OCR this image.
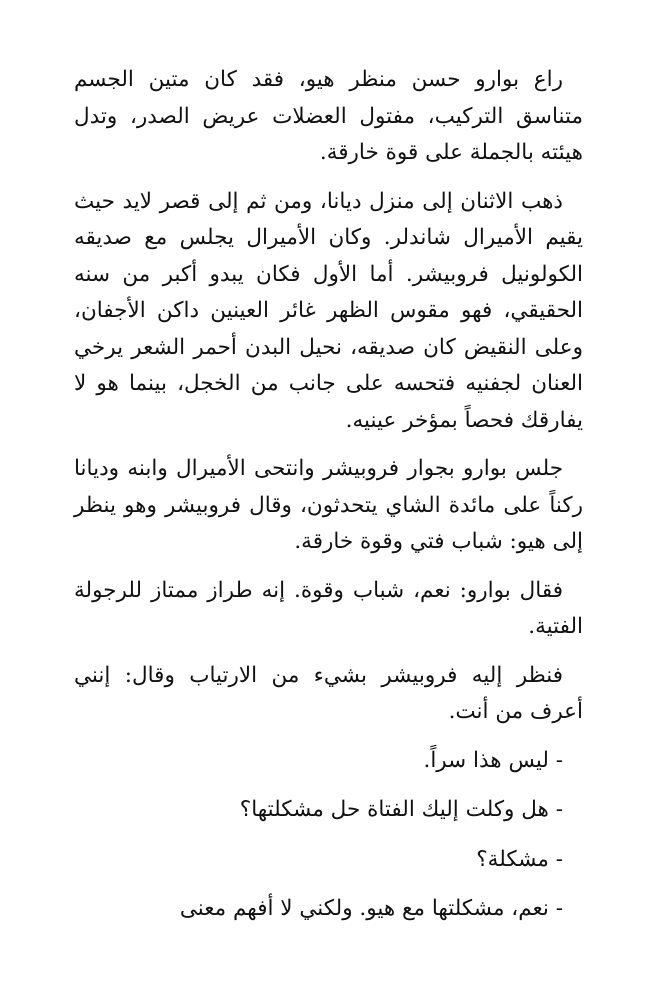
راع بوارو حسن منظر هيو، فقد كان متين الجسم متناسق التركيب، مفتول العضلات عريض الصدر، وتدل هيئته بالجملة على قوة خارقة.

ذهب الاثنان إلى منزل ديانا، ومن ثم إلى قصر لايد حيث يقيم الأميرال شاندلر. وكان الأميرال يجلس مع صديقه الكولونيل فروبيشر. أما الأول فكان يبدو أكبر من سنه الحقيقي، فهو مقوس الظهر غائر العينين داكن الأجفان، وعلى النقيض كان صديقه، نحيل البدن أحمر الشعر يرخي العنان لجفنيه فتحسه على جانب من الخجل، بينما هو لا يفارقك فحصاً بمؤخر عينيه.

جلس بوارو بجوار فروبيشر وانتحى الأميرال وابنه وديانا ركناً على مائدة الشاي يتحدثون، وقال فروبيشر وهو ينظر إلى هيو: شباب فتي وقوة خارقة.

فقال بوارو: نعم، شباب وقوة. إنه طراز ممتاز للرجولة الفتية.

فنظر إليه فروبيشر بشيء من الارتياب وقال: إنني أعرف من أنت.

- ليس هذا سراً.

- هل وكلت إليك الفتاة حل مشكلتها؟

- مشكلة؟

- نعم، مشكلتها مع هيو. ولكني لا أفهم معنى
